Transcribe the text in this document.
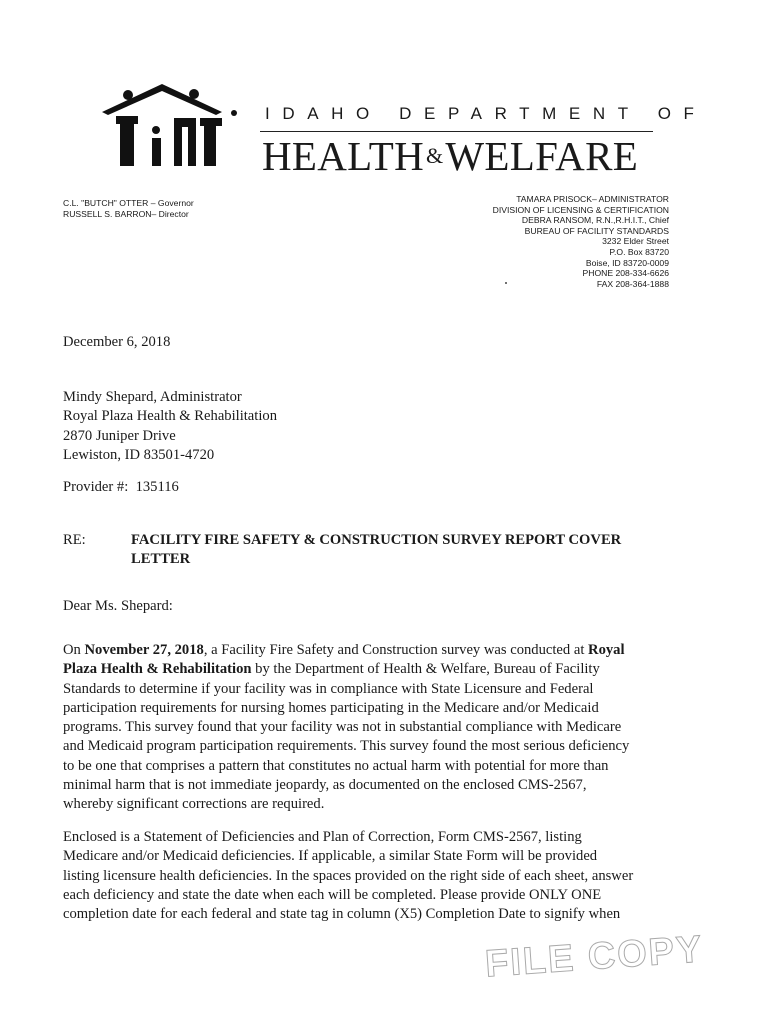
IDAHO DEPARTMENT OF
HEALTH&WELFARE
C.L. "BUTCH" OTTER – Governor
RUSSELL S. BARRON– Director
TAMARA PRISOCK– ADMINISTRATOR
DIVISION OF LICENSING & CERTIFICATION
DEBRA RANSOM, R.N.,R.H.I.T., Chief
BUREAU OF FACILITY STANDARDS
3232 Elder Street
P.O. Box 83720
Boise, ID 83720-0009
PHONE 208-334-6626
FAX 208-364-1888
December 6, 2018
Mindy Shepard, Administrator
Royal Plaza Health & Rehabilitation
2870 Juniper Drive
Lewiston, ID 83501-4720
Provider #: 135116
RE:	FACILITY FIRE SAFETY & CONSTRUCTION SURVEY REPORT COVER
LETTER
Dear Ms. Shepard:
On November 27, 2018, a Facility Fire Safety and Construction survey was conducted at Royal
Plaza Health & Rehabilitation by the Department of Health & Welfare, Bureau of Facility
Standards to determine if your facility was in compliance with State Licensure and Federal
participation requirements for nursing homes participating in the Medicare and/or Medicaid
programs. This survey found that your facility was not in substantial compliance with Medicare
and Medicaid program participation requirements. This survey found the most serious deficiency
to be one that comprises a pattern that constitutes no actual harm with potential for more than
minimal harm that is not immediate jeopardy, as documented on the enclosed CMS-2567,
whereby significant corrections are required.
Enclosed is a Statement of Deficiencies and Plan of Correction, Form CMS-2567, listing
Medicare and/or Medicaid deficiencies. If applicable, a similar State Form will be provided
listing licensure health deficiencies. In the spaces provided on the right side of each sheet, answer
each deficiency and state the date when each will be completed. Please provide ONLY ONE
completion date for each federal and state tag in column (X5) Completion Date to signify when
FILE COPY
